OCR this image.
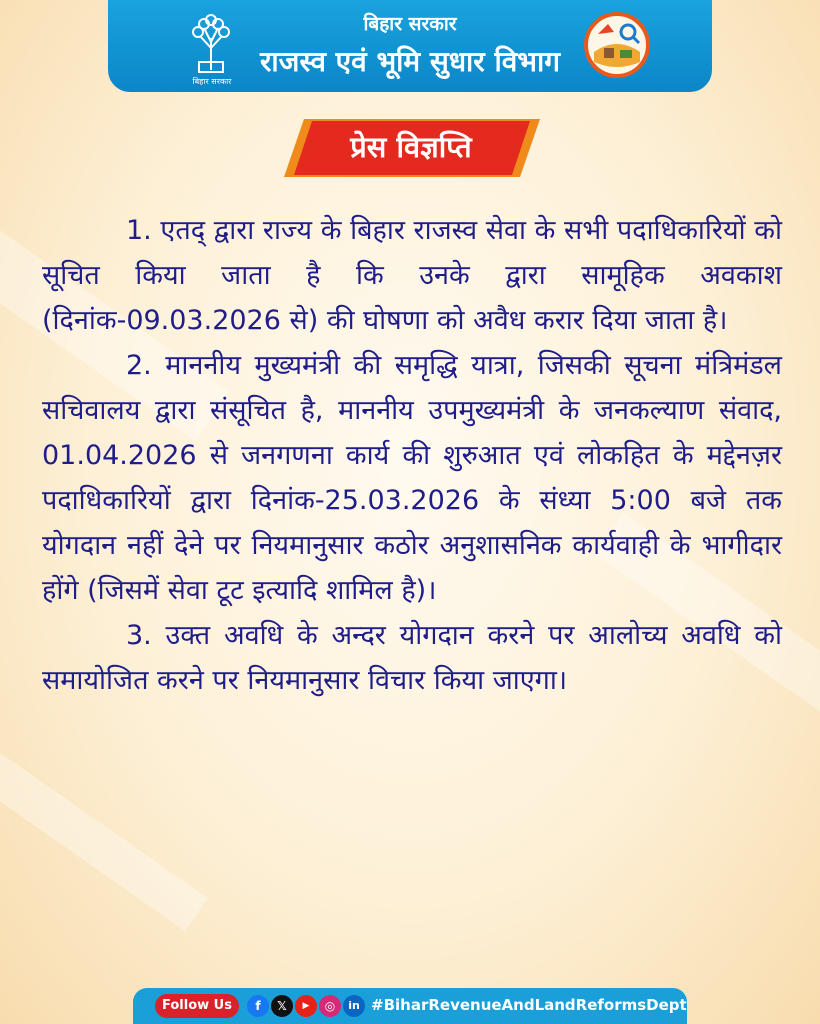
बिहार सरकार
बिहार सरकार
राजस्व एवं भूमि सुधार विभाग
प्रेस विज्ञप्ति

1. एतद् द्वारा राज्य के बिहार राजस्व सेवा के सभी पदाधिकारियों को सूचित किया जाता है कि उनके द्वारा सामूहिक अवकाश (दिनांक-09.03.2026 से) की घोषणा को अवैध करार दिया जाता है।

2. माननीय मुख्यमंत्री की समृद्धि यात्रा, जिसकी सूचना मंत्रिमंडल सचिवालय द्वारा संसूचित है, माननीय उपमुख्यमंत्री के जनकल्याण संवाद, 01.04.2026 से जनगणना कार्य की शुरुआत एवं लोकहित के मद्देनज़र पदाधिकारियों द्वारा दिनांक-25.03.2026 के संध्या 5:00 बजे तक योगदान नहीं देने पर नियमानुसार कठोर अनुशासनिक कार्यवाही के भागीदार होंगे (जिसमें सेवा टूट इत्यादि शामिल है)।

3. उक्त अवधि के अन्दर योगदान करने पर आलोच्य अवधि को समायोजित करने पर नियमानुसार विचार किया जाएगा।

Follow Us	f	𝕏	▶	◎	in #BiharRevenueAndLandReformsDept
